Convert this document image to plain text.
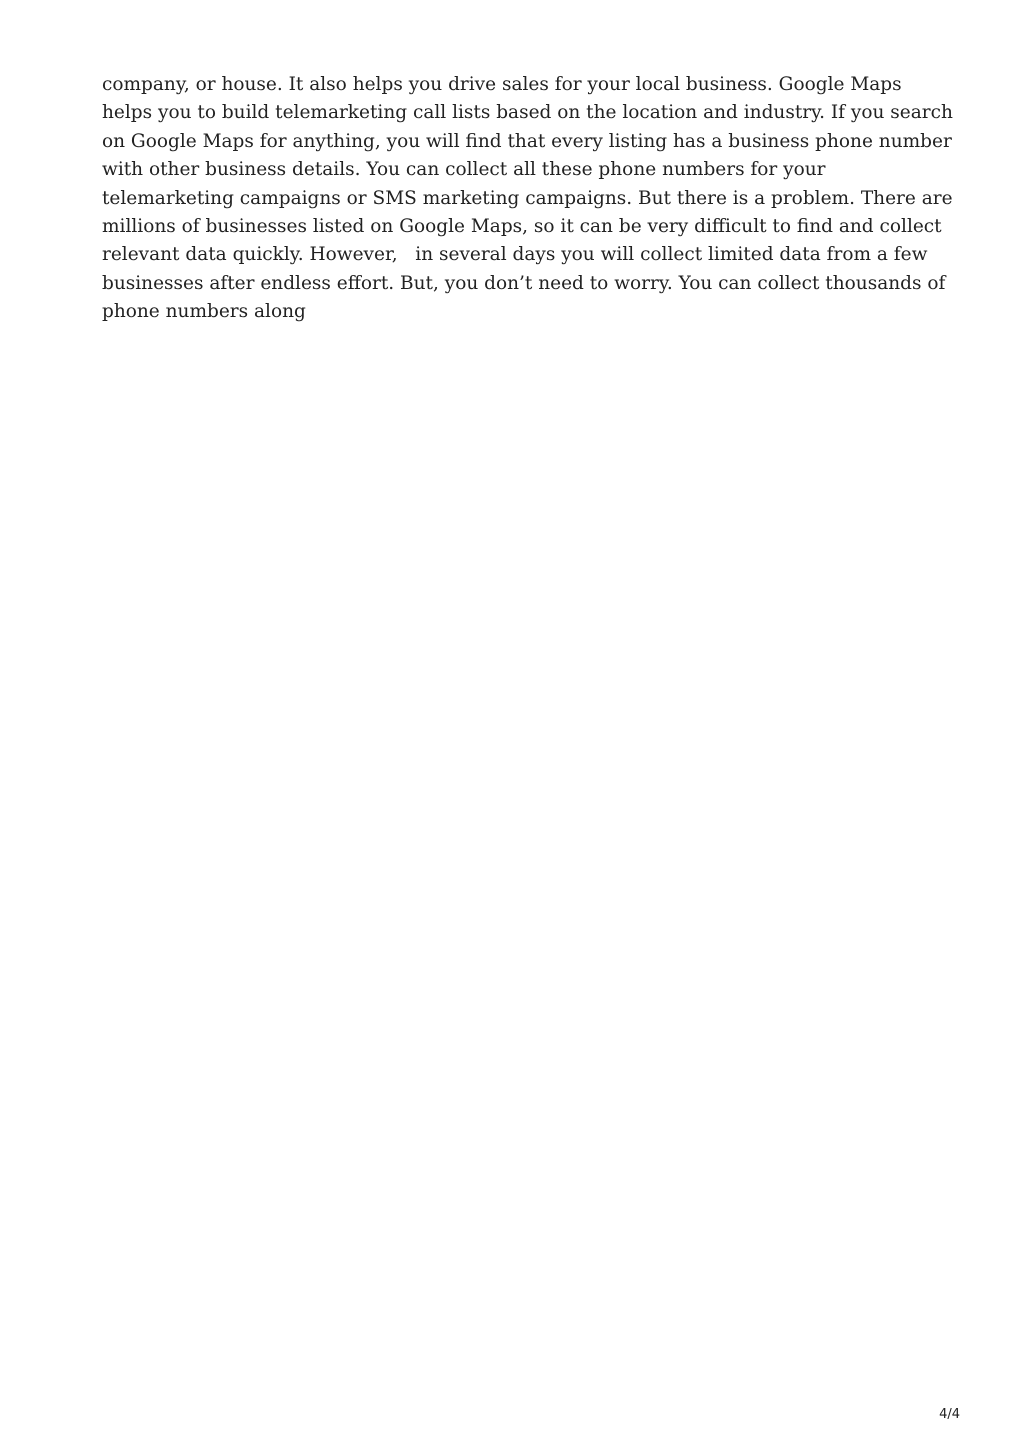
company, or house. It also helps you drive sales for your local business. Google Maps
helps you to build telemarketing call lists based on the location and industry. If you search
on Google Maps for anything, you will find that every listing has a business phone number
with other business details. You can collect all these phone numbers for your
telemarketing campaigns or SMS marketing campaigns. But there is a problem. There are
millions of businesses listed on Google Maps, so it can be very difficult to find and collect
relevant data quickly. However,   in several days you will collect limited data from a few
businesses after endless effort. But, you don’t need to worry. You can collect thousands of
phone numbers along
4/4
